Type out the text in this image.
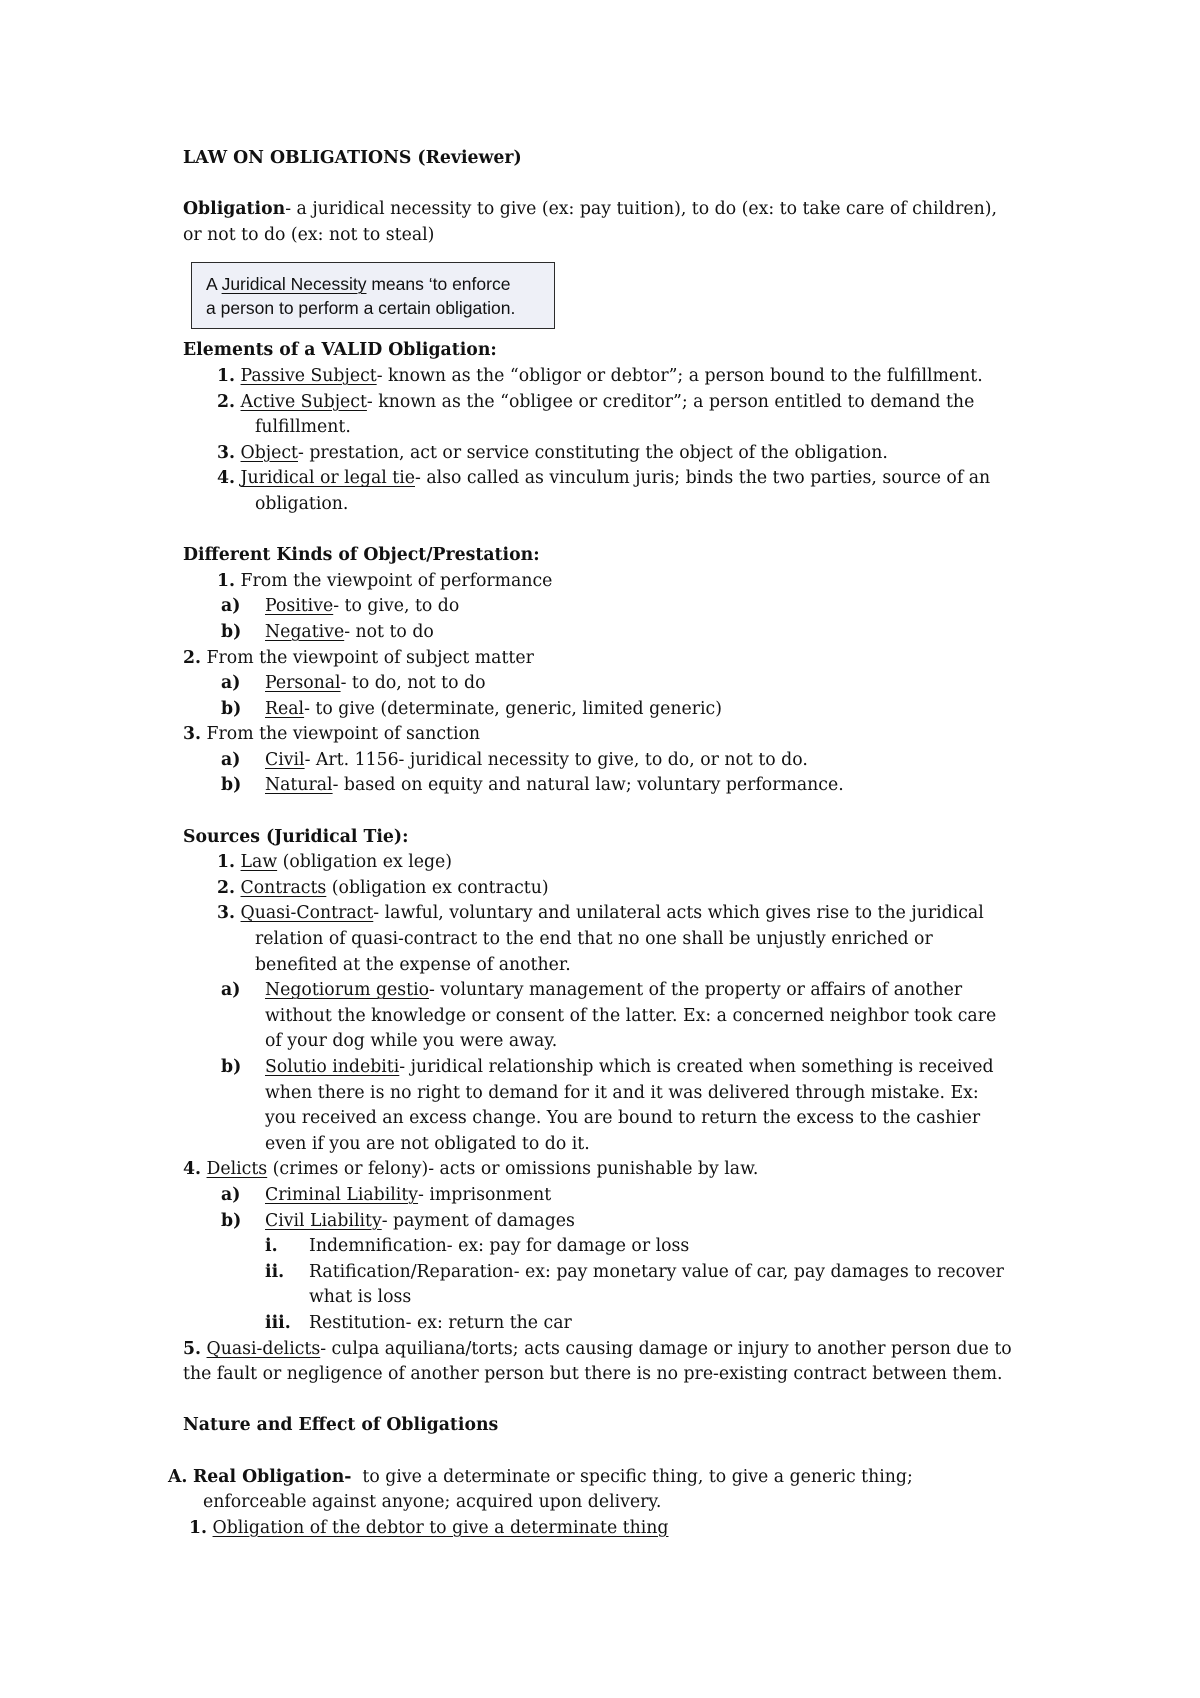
LAW ON OBLIGATIONS (Reviewer)
Obligation- a juridical necessity to give (ex: pay tuition), to do (ex: to take care of children),
or not to do (ex: not to steal)
Elements of a VALID Obligation:
1. Passive Subject- known as the “obligor or debtor”; a person bound to the fulfillment.
2. Active Subject- known as the “obligee or creditor”; a person entitled to demand the
fulfillment.
3. Object- prestation, act or service constituting the object of the obligation.
4. Juridical or legal tie- also called as vinculum juris; binds the two parties, source of an
obligation.
Different Kinds of Object/Prestation:
1. From the viewpoint of performance
a) Positive- to give, to do
b) Negative- not to do
2. From the viewpoint of subject matter
a) Personal- to do, not to do
b) Real- to give (determinate, generic, limited generic)
3. From the viewpoint of sanction
a) Civil- Art. 1156- juridical necessity to give, to do, or not to do.
b) Natural- based on equity and natural law; voluntary performance.
Sources (Juridical Tie):
1. Law (obligation ex lege)
2. Contracts (obligation ex contractu)
3. Quasi-Contract- lawful, voluntary and unilateral acts which gives rise to the juridical
relation of quasi-contract to the end that no one shall be unjustly enriched or
benefited at the expense of another.
a) Negotiorum gestio- voluntary management of the property or affairs of another
without the knowledge or consent of the latter. Ex: a concerned neighbor took care
of your dog while you were away.
b) Solutio indebiti- juridical relationship which is created when something is received
when there is no right to demand for it and it was delivered through mistake. Ex:
you received an excess change. You are bound to return the excess to the cashier
even if you are not obligated to do it.
4. Delicts (crimes or felony)- acts or omissions punishable by law.
a) Criminal Liability- imprisonment
b) Civil Liability- payment of damages
i. Indemnification- ex: pay for damage or loss
ii. Ratification/Reparation- ex: pay monetary value of car, pay damages to recover
what is loss
iii. Restitution- ex: return the car
5. Quasi-delicts- culpa aquiliana/torts; acts causing damage or injury to another person due to
the fault or negligence of another person but there is no pre-existing contract between them.
Nature and Effect of Obligations
A. Real Obligation-  to give a determinate or specific thing, to give a generic thing;
enforceable against anyone; acquired upon delivery.
1. Obligation of the debtor to give a determinate thing
A Juridical Necessity means ‘to enforce
a person to perform a certain obligation.
